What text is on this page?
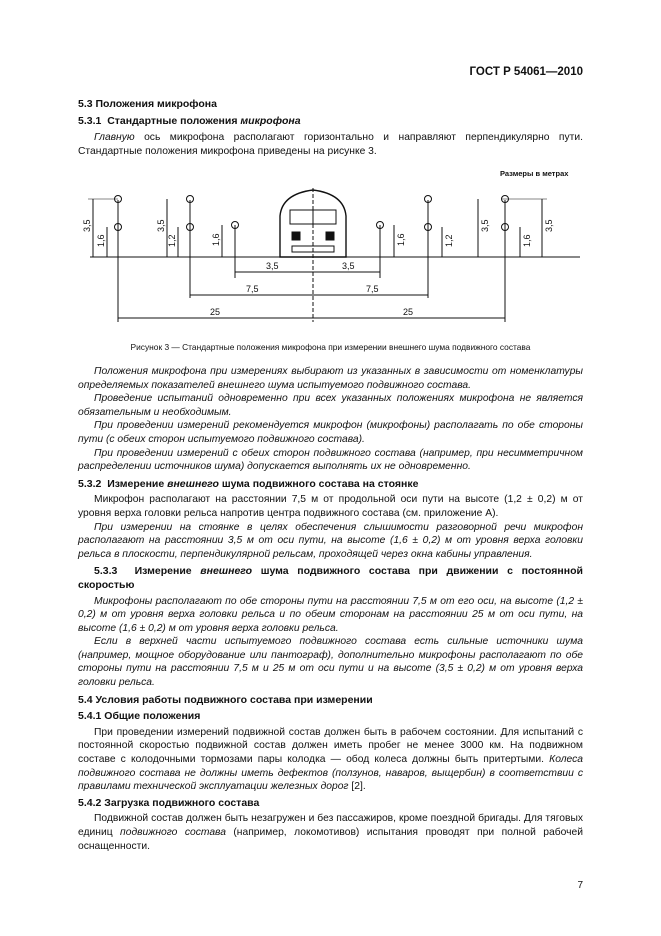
ГОСТ Р 54061—2010
5.3 Положения микрофона
5.3.1 Стандартные положения микрофона

Главную ось микрофона располагают горизонтально и направляют перпендикулярно пути. Стандартные положения микрофона приведены на рисунке 3.

Размеры в метрах
3,5
1,6
3,5
1,2	1,6	1,6	1,2
3,5
1,6
3,5
3,5	3,5
7,5	7,5
25	25
Рисунок 3 — Стандартные положения микрофона при измерении внешнего шума подвижного состава

Положения микрофона при измерениях выбирают из указанных в зависимости от номенклатуры определяемых показателей внешнего шума испытуемого подвижного состава.

Проведение испытаний одновременно при всех указанных положениях микрофона не является обязательным и необходимым.

При проведении измерений рекомендуется микрофон (микрофоны) располагать по обе стороны пути (с обеих сторон испытуемого подвижного состава).

При проведении измерений с обеих сторон подвижного состава (например, при несимметричном распределении источников шума) допускается выполнять их не одновременно.

5.3.2 Измерение внешнего шума подвижного состава на стоянке

Микрофон располагают на расстоянии 7,5 м от продольной оси пути на высоте (1,2 ± 0,2) м от уровня верха головки рельса напротив центра подвижного состава (см. приложение А).

При измерении на стоянке в целях обеспечения слышимости разговорной речи микрофон располагают на расстоянии 3,5 м от оси пути, на высоте (1,6 ± 0,2) м от уровня верха головки рельса в плоскости, перпендикулярной рельсам, проходящей через окна кабины управления.

5.3.3 Измерение внешнего шума подвижного состава при движении с постоянной скоростью

Микрофоны располагают по обе стороны пути на расстоянии 7,5 м от его оси, на высоте (1,2 ± 0,2) м от уровня верха головки рельса и по обеим сторонам на расстоянии 25 м от оси пути, на высоте (1,6 ± 0,2) м от уровня верха головки рельса.

Если в верхней части испытуемого подвижного состава есть сильные источники шума (например, мощное оборудование или пантограф), дополнительно микрофоны располагают по обе стороны пути на расстоянии 7,5 м и 25 м от оси пути и на высоте (3,5 ± 0,2) м от уровня верха головки рельса.

5.4 Условия работы подвижного состава при измерении
5.4.1 Общие положения

При проведении измерений подвижной состав должен быть в рабочем состоянии. Для испытаний с постоянной скоростью подвижной состав должен иметь пробег не менее 3000 км. На подвижном составе с колодочными тормозами пары колодка — обод колеса должны быть притертыми. Колеса подвижного состава не должны иметь дефектов (ползунов, наваров, выщербин) в соответствии с правилами технической эксплуатации железных дорог [2].

5.4.2 Загрузка подвижного состава

Подвижной состав должен быть незагружен и без пассажиров, кроме поездной бригады. Для тяговых единиц подвижного состава (например, локомотивов) испытания проводят при полной рабочей оснащенности.

7
